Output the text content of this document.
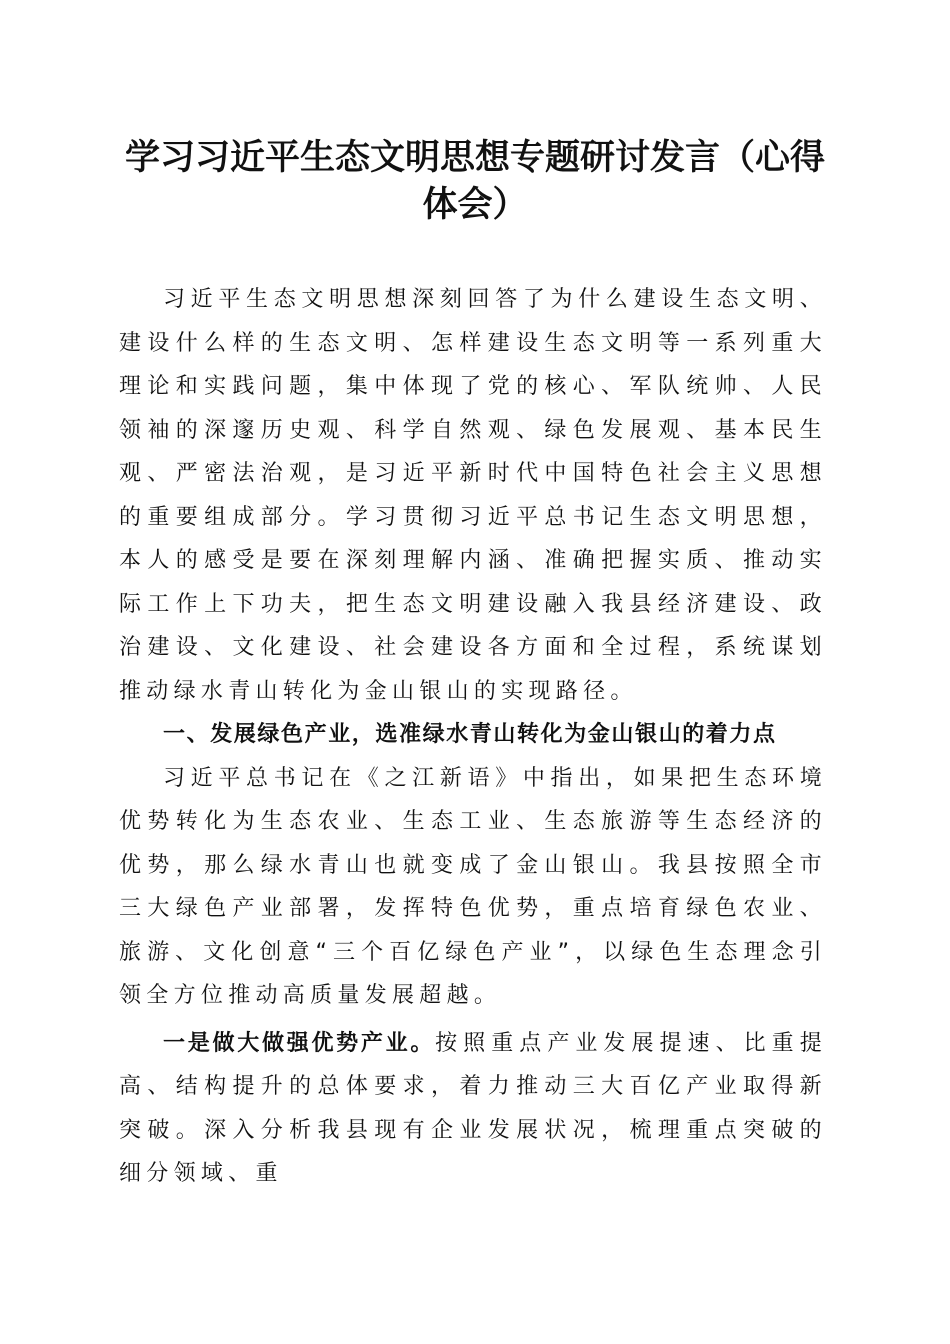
学习习近平生态文明思想专题研讨发言（心得体会）

习近平生态文明思想深刻回答了为什么建设生态文明、建设什么样的生态文明、怎样建设生态文明等一系列重大理论和实践问题，集中体现了党的核心、军队统帅、人民领袖的深邃历史观、科学自然观、绿色发展观、基本民生观、严密法治观，是习近平新时代中国特色社会主义思想的重要组成部分。学习贯彻习近平总书记生态文明思想，本人的感受是要在深刻理解内涵、准确把握实质、推动实际工作上下功夫，把生态文明建设融入我县经济建设、政治建设、文化建设、社会建设各方面和全过程，系统谋划推动绿水青山转化为金山银山的实现路径。

一、发展绿色产业，选准绿水青山转化为金山银山的着力点

习近平总书记在《之江新语》中指出，如果把生态环境优势转化为生态农业、生态工业、生态旅游等生态经济的优势，那么绿水青山也就变成了金山银山。我县按照全市三大绿色产业部署，发挥特色优势，重点培育绿色农业、旅游、文化创意“三个百亿绿色产业”，以绿色生态理念引领全方位推动高质量发展超越。

一是做大做强优势产业。按照重点产业发展提速、比重提高、结构提升的总体要求，着力推动三大百亿产业取得新突破。深入分析我县现有企业发展状况，梳理重点突破的细分领域、重
